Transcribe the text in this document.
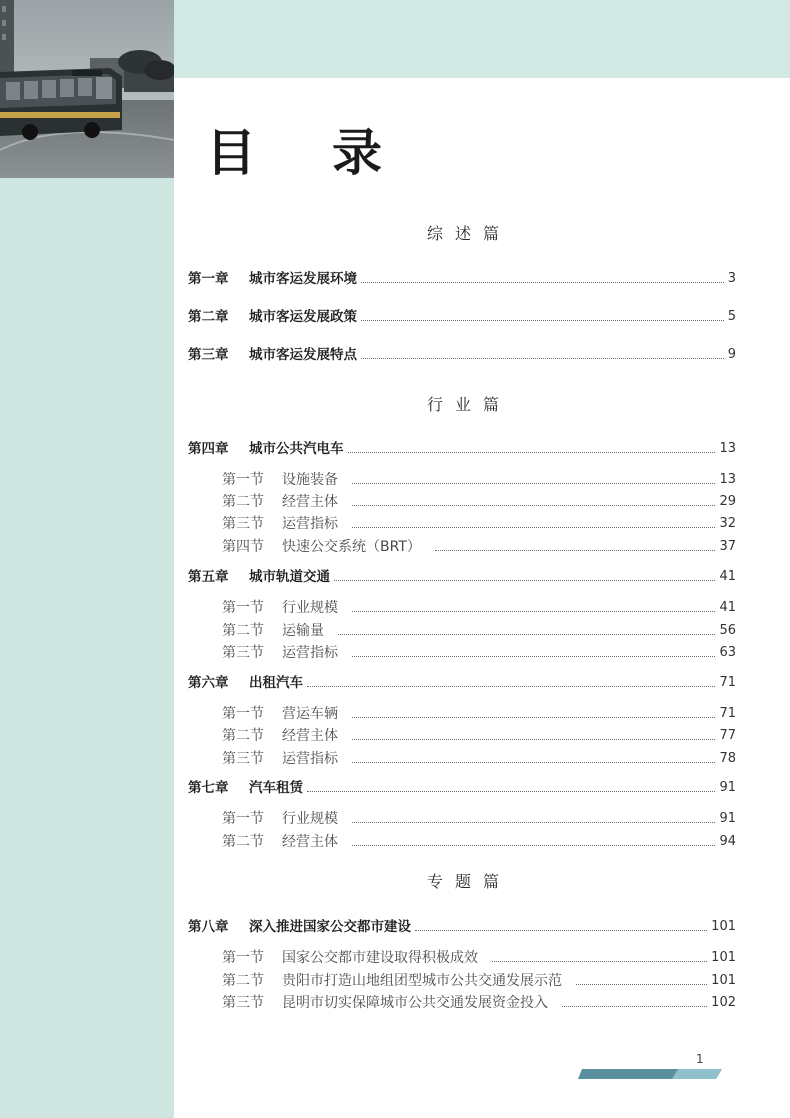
目录
综述篇
第一章	城市客运发展环境	3
第二章	城市客运发展政策	5
第三章	城市客运发展特点	9
行业篇
第四章	城市公共汽电车	13
第一节	设施装备	13
第二节	经营主体	29
第三节	运营指标	32
第四节	快速公交系统（BRT）	37
第五章	城市轨道交通	41
第一节	行业规模	41
第二节	运输量	56
第三节	运营指标	63
第六章	出租汽车	71
第一节	营运车辆	71
第二节	经营主体	77
第三节	运营指标	78
第七章	汽车租赁	91
第一节	行业规模	91
第二节	经营主体	94
专题篇
第八章	深入推进国家公交都市建设	101
第一节	国家公交都市建设取得积极成效	101
第二节	贵阳市打造山地组团型城市公共交通发展示范	101
第三节	昆明市切实保障城市公共交通发展资金投入	102
1
